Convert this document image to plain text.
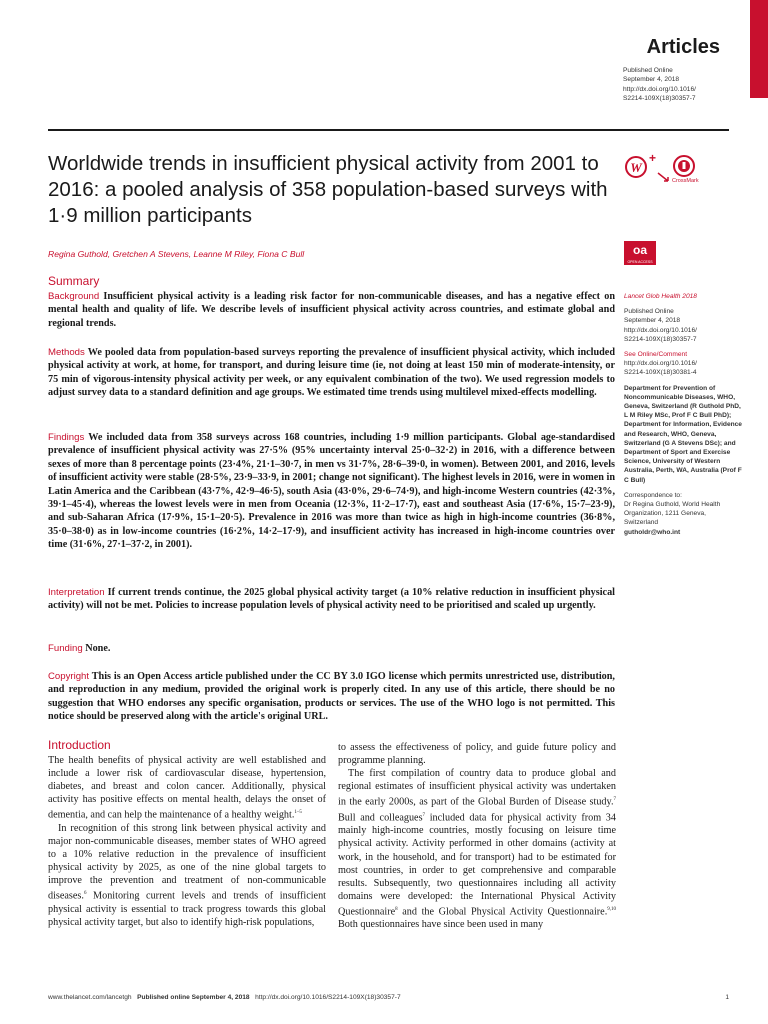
Articles
Published Online
September 4, 2018
http://dx.doi.org/10.1016/
S2214-109X(18)30357-7
Worldwide trends in insufficient physical activity from 2001 to 2016: a pooled analysis of 358 population-based surveys with 1·9 million participants
W
+
CrossMark
oa
OPEN ACCESS
Regina Guthold, Gretchen A Stevens, Leanne M Riley, Fiona C Bull
Summary

Background Insufficient physical activity is a leading risk factor for non-communicable diseases, and has a negative effect on mental health and quality of life. We describe levels of insufficient physical activity across countries, and estimate global and regional trends.

Methods We pooled data from population-based surveys reporting the prevalence of insufficient physical activity, which included physical activity at work, at home, for transport, and during leisure time (ie, not doing at least 150 min of moderate-intensity, or 75 min of vigorous-intensity physical activity per week, or any equivalent combination of the two). We used regression models to adjust survey data to a standard definition and age groups. We estimated time trends using multilevel mixed-effects modelling.

Findings We included data from 358 surveys across 168 countries, including 1·9 million participants. Global age-standardised prevalence of insufficient physical activity was 27·5% (95% uncertainty interval 25·0–32·2) in 2016, with a difference between sexes of more than 8 percentage points (23·4%, 21·1–30·7, in men vs 31·7%, 28·6–39·0, in women). Between 2001, and 2016, levels of insufficient activity were stable (28·5%, 23·9–33·9, in 2001; change not significant). The highest levels in 2016, were in women in Latin America and the Caribbean (43·7%, 42·9–46·5), south Asia (43·0%, 29·6–74·9), and high-income Western countries (42·3%, 39·1–45·4), whereas the lowest levels were in men from Oceania (12·3%, 11·2–17·7), east and southeast Asia (17·6%, 15·7–23·9), and sub-Saharan Africa (17·9%, 15·1–20·5). Prevalence in 2016 was more than twice as high in high-income countries (36·8%, 35·0–38·0) as in low-income countries (16·2%, 14·2–17·9), and insufficient activity has increased in high-income countries over time (31·6%, 27·1–37·2, in 2001).

Interpretation If current trends continue, the 2025 global physical activity target (a 10% relative reduction in insufficient physical activity) will not be met. Policies to increase population levels of physical activity need to be prioritised and scaled up urgently.

Funding None.

Copyright This is an Open Access article published under the CC BY 3.0 IGO license which permits unrestricted use, distribution, and reproduction in any medium, provided the original work is properly cited. In any use of this article, there should be no suggestion that WHO endorses any specific organisation, products or services. The use of the WHO logo is not permitted. This notice should be preserved along with the article's original URL.

Lancet Glob Health 2018

Published Online
September 4, 2018
http://dx.doi.org/10.1016/
S2214-109X(18)30357-7

See Online/Comment
http://dx.doi.org/10.1016/
S2214-109X(18)30381-4

Department for Prevention of Noncommunicable Diseases, WHO, Geneva, Switzerland (R Guthold PhD, L M Riley MSc, Prof F C Bull PhD); Department for Information, Evidence and Research, WHO, Geneva, Switzerland (G A Stevens DSc); and Department of Sport and Exercise Science, University of Western Australia, Perth, WA, Australia (Prof F C Bull)

Correspondence to:
Dr Regina Guthold, World Health
Organization, 1211 Geneva,
Switzerland
gutholdr@who.int

Introduction

The health benefits of physical activity are well established and include a lower risk of cardiovascular disease, hypertension, diabetes, and breast and colon cancer. Additionally, physical activity has positive effects on mental health, delays the onset of dementia, and can help the maintenance of a healthy weight.$^{1-5}$

In recognition of this strong link between physical activity and major non-communicable diseases, member states of WHO agreed to a 10% relative reduction in the prevalence of insufficient physical activity by 2025, as one of the nine global targets to improve the prevention and treatment of non-communicable diseases.$^6$ Monitoring current levels and trends of insufficient physical activity is essential to track progress towards this global physical activity target, but also to identify high-risk populations,

to assess the effectiveness of policy, and guide future policy and programme planning.

The first compilation of country data to produce global and regional estimates of insufficient physical activity was undertaken in the early 2000s, as part of the Global Burden of Disease study.$^7$ Bull and colleagues$^7$ included data for physical activity from 34 mainly high-income countries, mostly focusing on leisure time physical activity. Activity performed in other domains (activity at work, in the household, and for transport) had to be estimated for most countries, in order to get comprehensive and comparable results. Subsequently, two questionnaires including all activity domains were developed: the International Physical Activity Questionnaire$^8$ and the Global Physical Activity Questionnaire.$^{9,10}$ Both questionnaires have since been used in many

www.thelancet.com/lancetgh Published online September 4, 2018 http://dx.doi.org/10.1016/S2214-109X(18)30357-7	1
